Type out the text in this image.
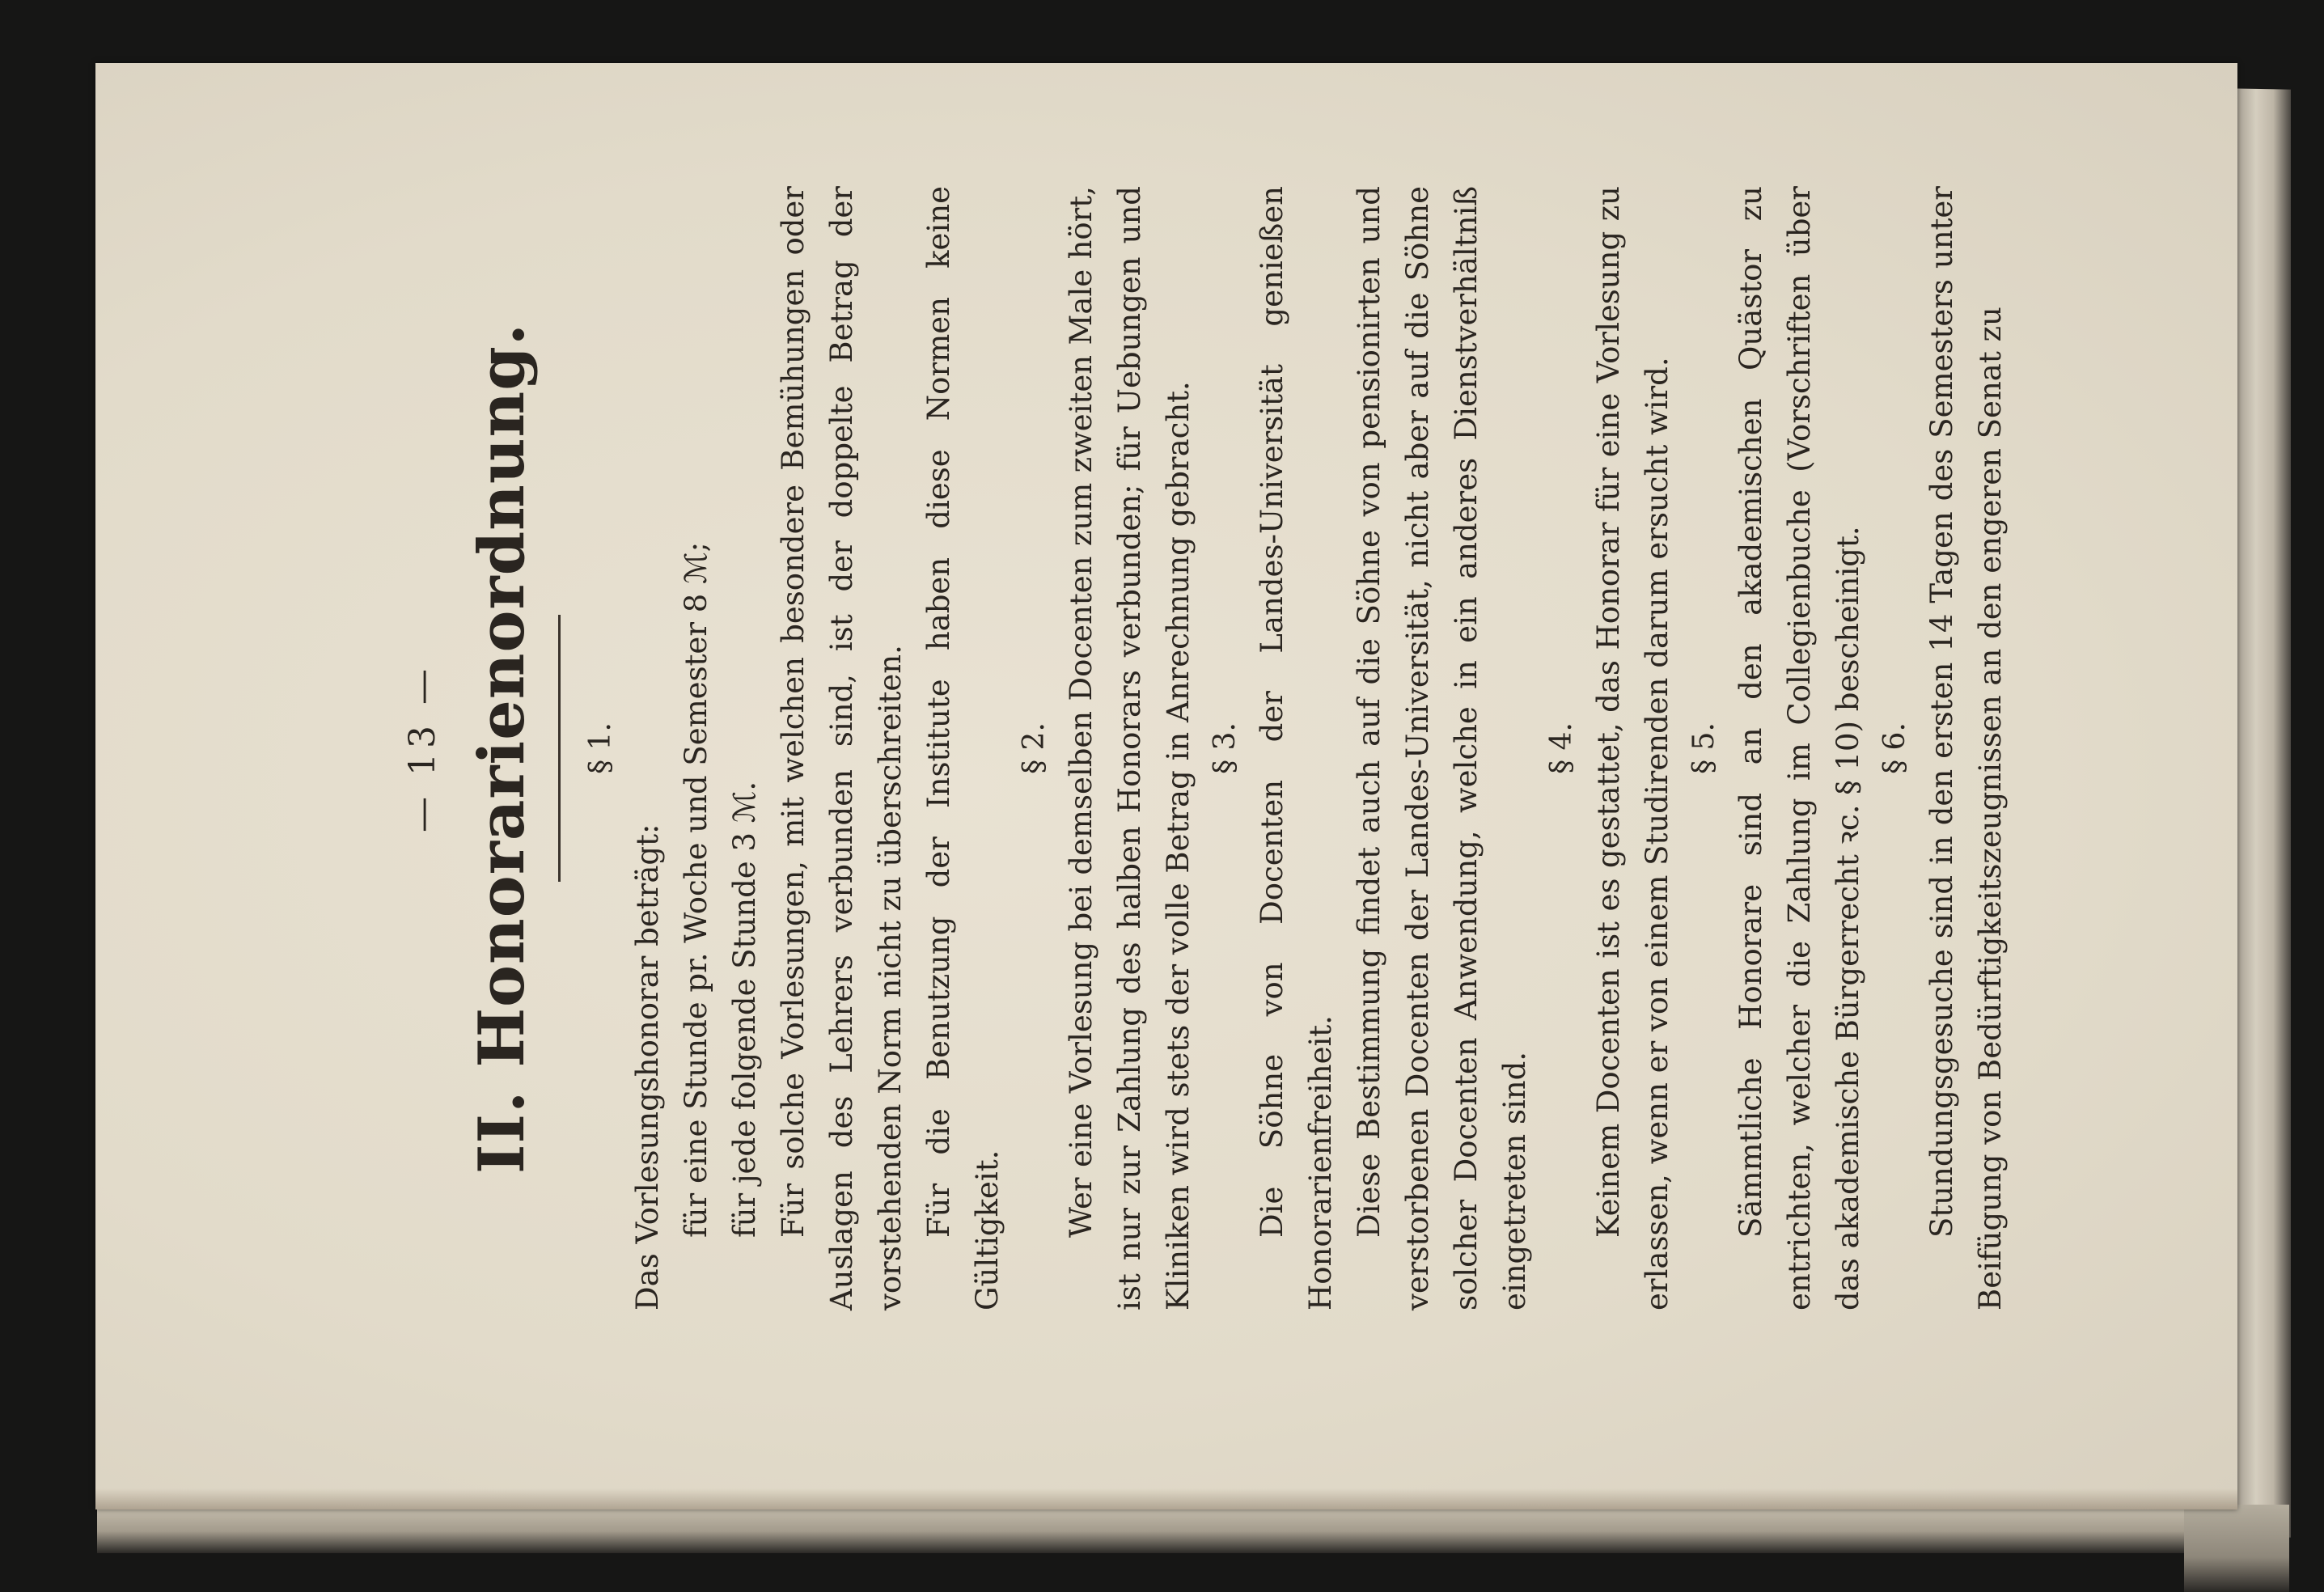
— 13 — II. Honorarienordnung. § 1.

Das Vorlesungshonorar beträgt: für eine Stunde pr. Woche und Semester 8 ℳ; für jede folgende Stunde 3 ℳ. Für solche Vorlesungen, mit welchen besondere Bemühungen oder Auslagen des Lehrers verbunden sind, ist der doppelte Betrag der vorstehenden Norm nicht zu überschreiten. Für die Benutzung der Institute haben diese Normen keine Gültigkeit.

§ 2. Wer eine Vorlesung bei demselben Docenten zum zweiten Male hört, ist nur zur Zahlung des halben Honorars verbunden; für Uebungen und Kliniken wird stets der volle Betrag in Anrechnung gebracht. § 3. Die Söhne von Docenten der Landes-Universität genießen Honorarienfreiheit. Diese Bestimmung findet auch auf die Söhne von pensionirten und verstorbenen Docenten der Landes-Universität, nicht aber auf die Söhne solcher Docenten Anwendung, welche in ein anderes Dienstverhältniß eingetreten sind.

§ 4. Keinem Docenten ist es gestattet, das Honorar für eine Vorlesung zu erlassen, wenn er von einem Studirenden darum ersucht wird. § 5. Sämmtliche Honorare sind an den akademischen Quästor zu entrichten, welcher die Zahlung im Collegienbuche (Vorschriften über das akademische Bürgerrecht ꝛc. § 10) bescheinigt. § 6. Stundungsgesuche sind in den ersten 14 Tagen des Semesters unter Beifügung von Bedürftigkeitszeugnissen an den engeren Senat zu
